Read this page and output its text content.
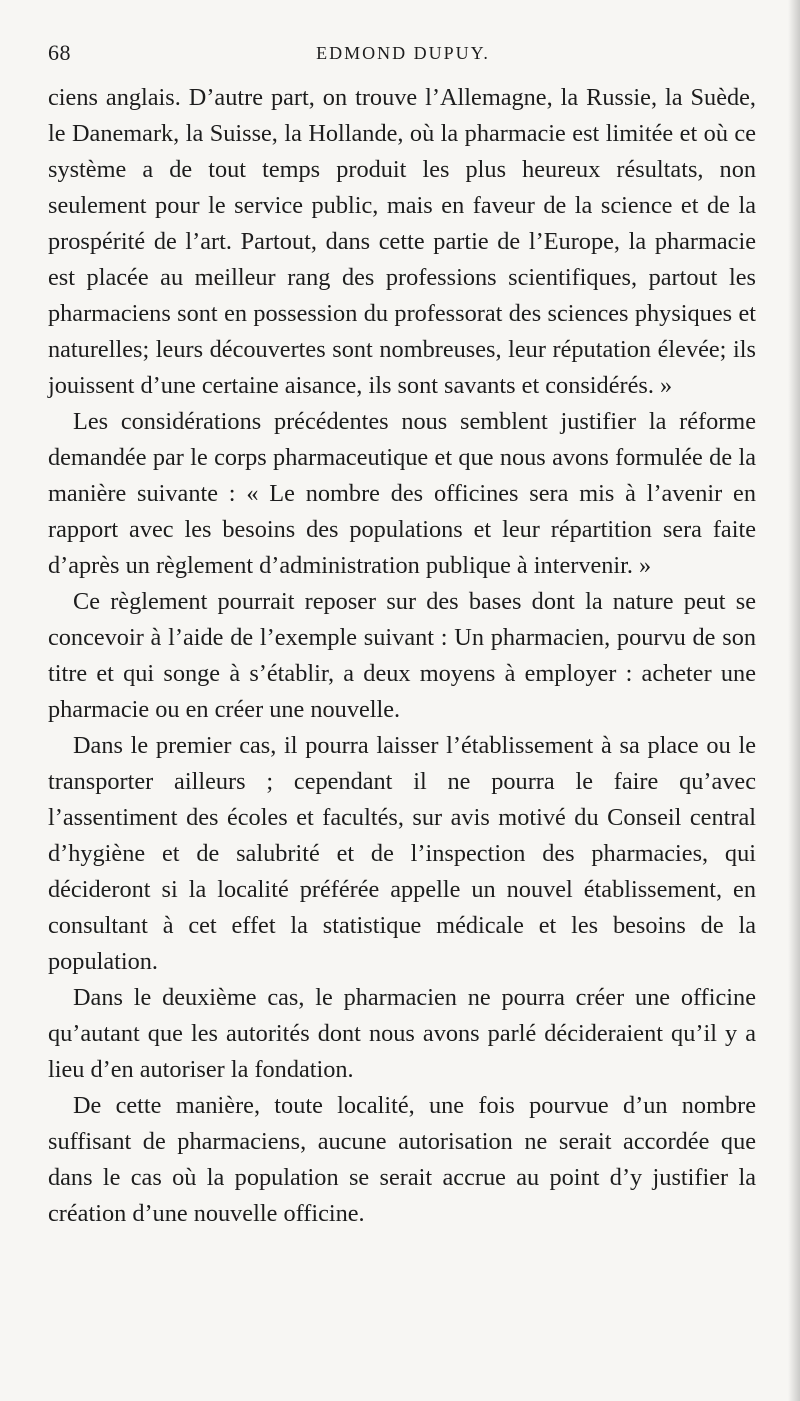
68	EDMOND DUPUY.

ciens anglais. D’autre part, on trouve l’Allemagne, la Russie, la Suède, le Danemark, la Suisse, la Hollande, où la pharmacie est limitée et où ce système a de tout temps produit les plus heureux résultats, non seulement pour le service public, mais en faveur de la science et de la prospérité de l’art. Partout, dans cette partie de l’Europe, la pharmacie est placée au meilleur rang des professions scientifiques, partout les pharmaciens sont en possession du professorat des sciences physiques et naturelles; leurs découvertes sont nombreuses, leur réputation élevée; ils jouissent d’une certaine aisance, ils sont savants et considérés. »

Les considérations précédentes nous semblent justifier la réforme demandée par le corps pharmaceutique et que nous avons formulée de la manière suivante : « Le nombre des officines sera mis à l’avenir en rapport avec les besoins des populations et leur répartition sera faite d’après un règlement d’administration publique à intervenir. »

Ce règlement pourrait reposer sur des bases dont la nature peut se concevoir à l’aide de l’exemple suivant : Un pharmacien, pourvu de son titre et qui songe à s’établir, a deux moyens à employer : acheter une pharmacie ou en créer une nouvelle.

Dans le premier cas, il pourra laisser l’établissement à sa place ou le transporter ailleurs ; cependant il ne pourra le faire qu’avec l’assentiment des écoles et facultés, sur avis motivé du Conseil central d’hygiène et de salubrité et de l’inspection des pharmacies, qui décideront si la localité préférée appelle un nouvel établissement, en consultant à cet effet la statistique médicale et les besoins de la population.

Dans le deuxième cas, le pharmacien ne pourra créer une officine qu’autant que les autorités dont nous avons parlé décideraient qu’il y a lieu d’en autoriser la fondation.

De cette manière, toute localité, une fois pourvue d’un nombre suffisant de pharmaciens, aucune autorisation ne serait accordée que dans le cas où la population se serait accrue au point d’y justifier la création d’une nouvelle officine.
